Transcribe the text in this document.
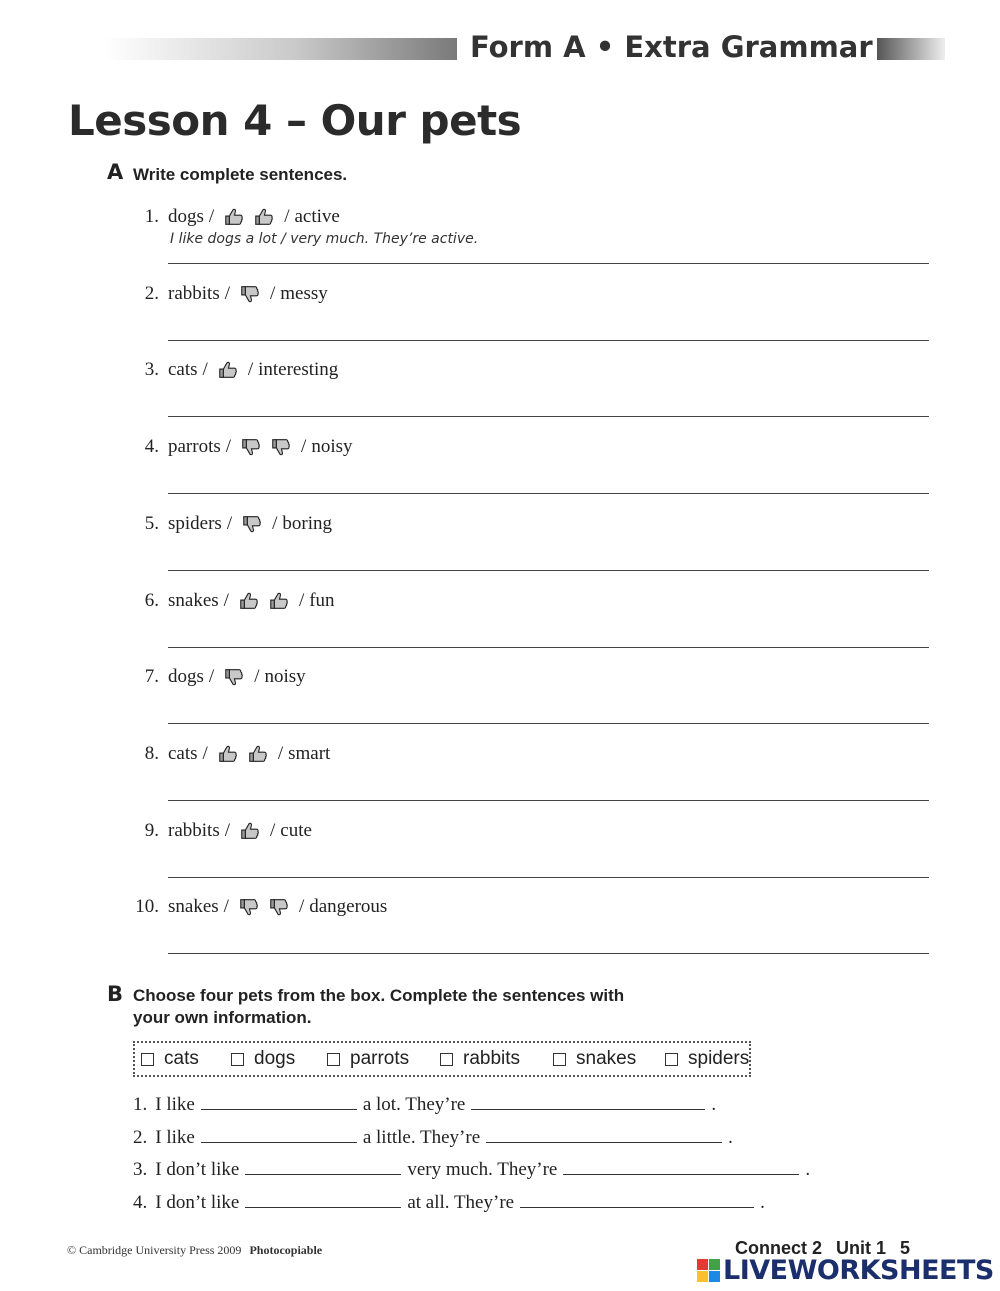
Form A • Extra Grammar
Lesson 4 – Our pets
A Write complete sentences.
1. dogs /	/ active
I like dogs a lot / very much. They’re active.
2. rabbits / / messy
3. cats / / interesting
4. parrots /	/ noisy
5. spiders / / boring
6. snakes /	/ fun
7. dogs / / noisy
8. cats /	/ smart
9. rabbits / / cute
10. snakes /	/ dangerous
B Choose four pets from the box. Complete the sentences with
your own information.
cats	dogs	parrots	rabbits	snakes	spiders
1. I like	a lot. They’re	.
2. I like	a little. They’re	.
3. I don’t like	very much. They’re	.
4. I don’t like	at all. They’re	.
© Cambridge University Press 2009 Photocopiable	Connect 2 Unit 1 5
LIVEWORKSHEETS
